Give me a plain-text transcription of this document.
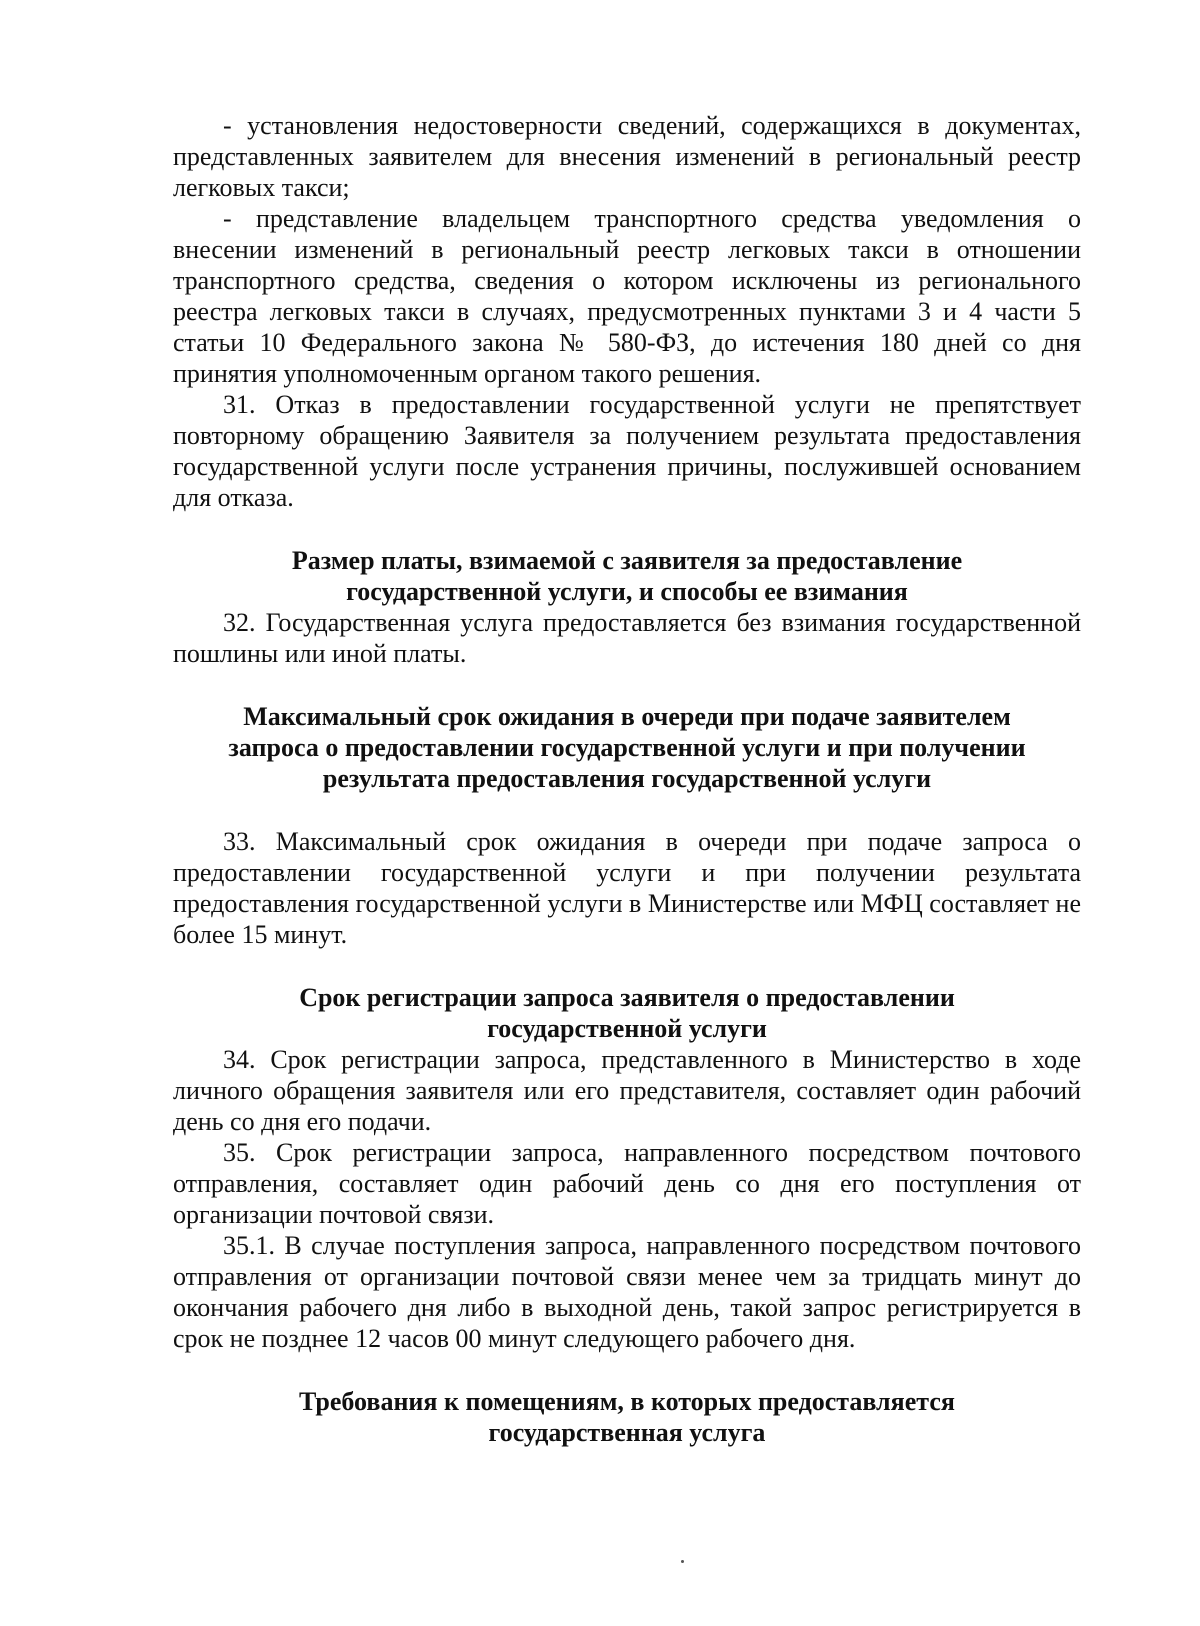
- установления недостоверности сведений, содержащихся в документах, представленных заявителем для внесения изменений в региональный реестр легковых такси;

- представление владельцем транспортного средства уведомления о внесении изменений в региональный реестр легковых такси в отношении транспортного средства, сведения о котором исключены из регионального реестра легковых такси в случаях, предусмотренных пунктами 3 и 4 части 5 статьи 10 Федерального закона № 580-ФЗ, до истечения 180 дней со дня принятия уполномоченным органом такого решения.

31. Отказ в предоставлении государственной услуги не препятствует повторному обращению Заявителя за получением результата предоставления государственной услуги после устранения причины, послужившей основанием для отказа.

Размер платы, взимаемой с заявителя за предоставление
государственной услуги, и способы ее взимания

32. Государственная услуга предоставляется без взимания государственной пошлины или иной платы.

Максимальный срок ожидания в очереди при подаче заявителем
запроса о предоставлении государственной услуги и при получении
результата предоставления государственной услуги

33. Максимальный срок ожидания в очереди при подаче запроса о предоставлении государственной услуги и при получении результата предоставления государственной услуги в Министерстве или МФЦ составляет не более 15 минут.

Срок регистрации запроса заявителя о предоставлении
государственной услуги

34. Срок регистрации запроса, представленного в Министерство в ходе личного обращения заявителя или его представителя, составляет один рабочий день со дня его подачи.

35. Срок регистрации запроса, направленного посредством почтового отправления, составляет один рабочий день со дня его поступления от организации почтовой связи.

35.1. В случае поступления запроса, направленного посредством почтового отправления от организации почтовой связи менее чем за тридцать минут до окончания рабочего дня либо в выходной день, такой запрос регистрируется в срок не позднее 12 часов 00 минут следующего рабочего дня.

Требования к помещениям, в которых предоставляется
государственная услуга
